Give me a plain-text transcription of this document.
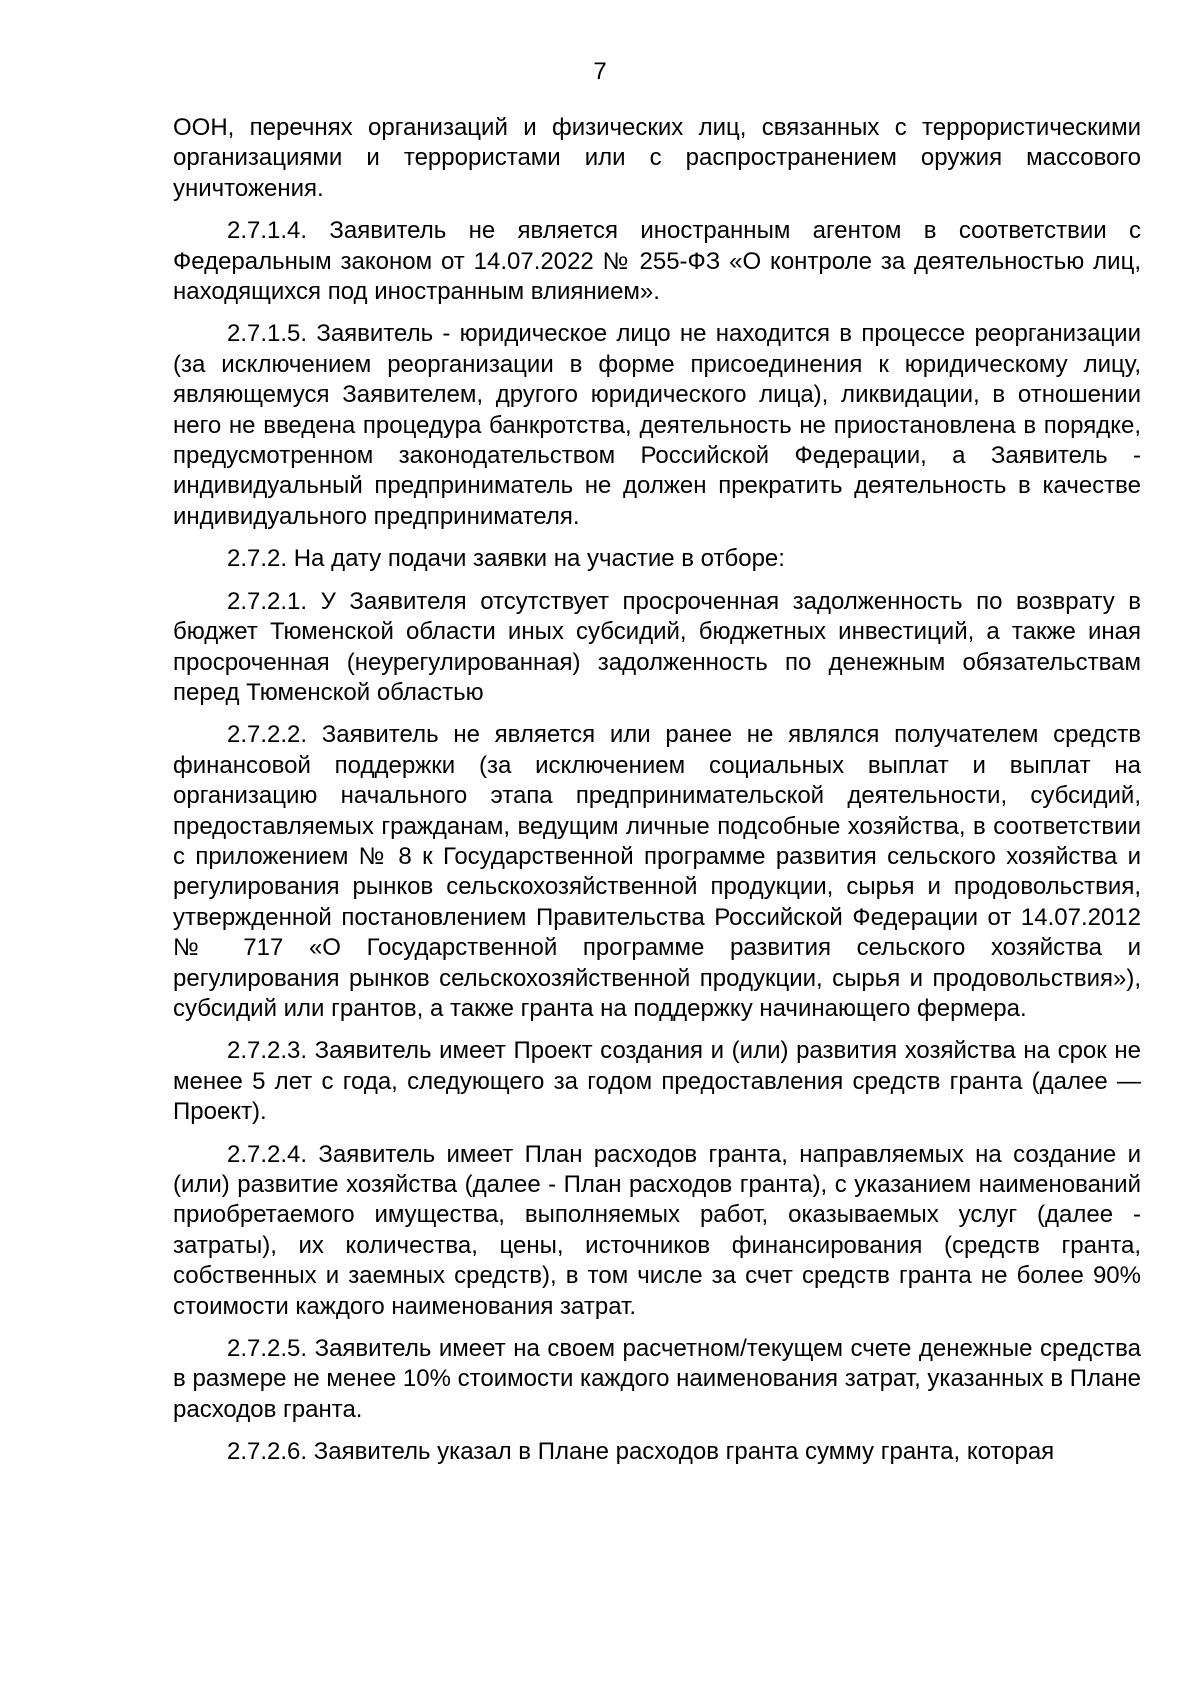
7

ООН, перечнях организаций и физических лиц, связанных с террористическими организациями и террористами или с распространением оружия массового уничтожения.

2.7.1.4. Заявитель не является иностранным агентом в соответствии с Федеральным законом от 14.07.2022 № 255-ФЗ «О контроле за деятельностью лиц, находящихся под иностранным влиянием».

2.7.1.5. Заявитель - юридическое лицо не находится в процессе реорганизации (за исключением реорганизации в форме присоединения к юридическому лицу, являющемуся Заявителем, другого юридического лица), ликвидации, в отношении него не введена процедура банкротства, деятельность не приостановлена в порядке, предусмотренном законодательством Российской Федерации, а Заявитель - индивидуальный предприниматель не должен прекратить деятельность в качестве индивидуального предпринимателя.

2.7.2. На дату подачи заявки на участие в отборе:

2.7.2.1. У Заявителя отсутствует просроченная задолженность по возврату в бюджет Тюменской области иных субсидий, бюджетных инвестиций, а также иная просроченная (неурегулированная) задолженность по денежным обязательствам перед Тюменской областью

2.7.2.2. Заявитель не является или ранее не являлся получателем средств финансовой поддержки (за исключением социальных выплат и выплат на организацию начального этапа предпринимательской деятельности, субсидий, предоставляемых гражданам, ведущим личные подсобные хозяйства, в соответствии с приложением № 8 к Государственной программе развития сельского хозяйства и регулирования рынков сельскохозяйственной продукции, сырья и продовольствия, утвержденной постановлением Правительства Российской Федерации от 14.07.2012 № 717 «О Государственной программе развития сельского хозяйства и регулирования рынков сельскохозяйственной продукции, сырья и продовольствия»), субсидий или грантов, а также гранта на поддержку начинающего фермера.

2.7.2.3. Заявитель имеет Проект создания и (или) развития хозяйства на срок не менее 5 лет с года, следующего за годом предоставления средств гранта (далее — Проект).

2.7.2.4. Заявитель имеет План расходов гранта, направляемых на создание и (или) развитие хозяйства (далее - План расходов гранта), с указанием наименований приобретаемого имущества, выполняемых работ, оказываемых услуг (далее - затраты), их количества, цены, источников финансирования (средств гранта, собственных и заемных средств), в том числе за счет средств гранта не более 90% стоимости каждого наименования затрат.

2.7.2.5. Заявитель имеет на своем расчетном/текущем счете денежные средства в размере не менее 10% стоимости каждого наименования затрат, указанных в Плане расходов гранта.

2.7.2.6. Заявитель указал в Плане расходов гранта сумму гранта, которая
